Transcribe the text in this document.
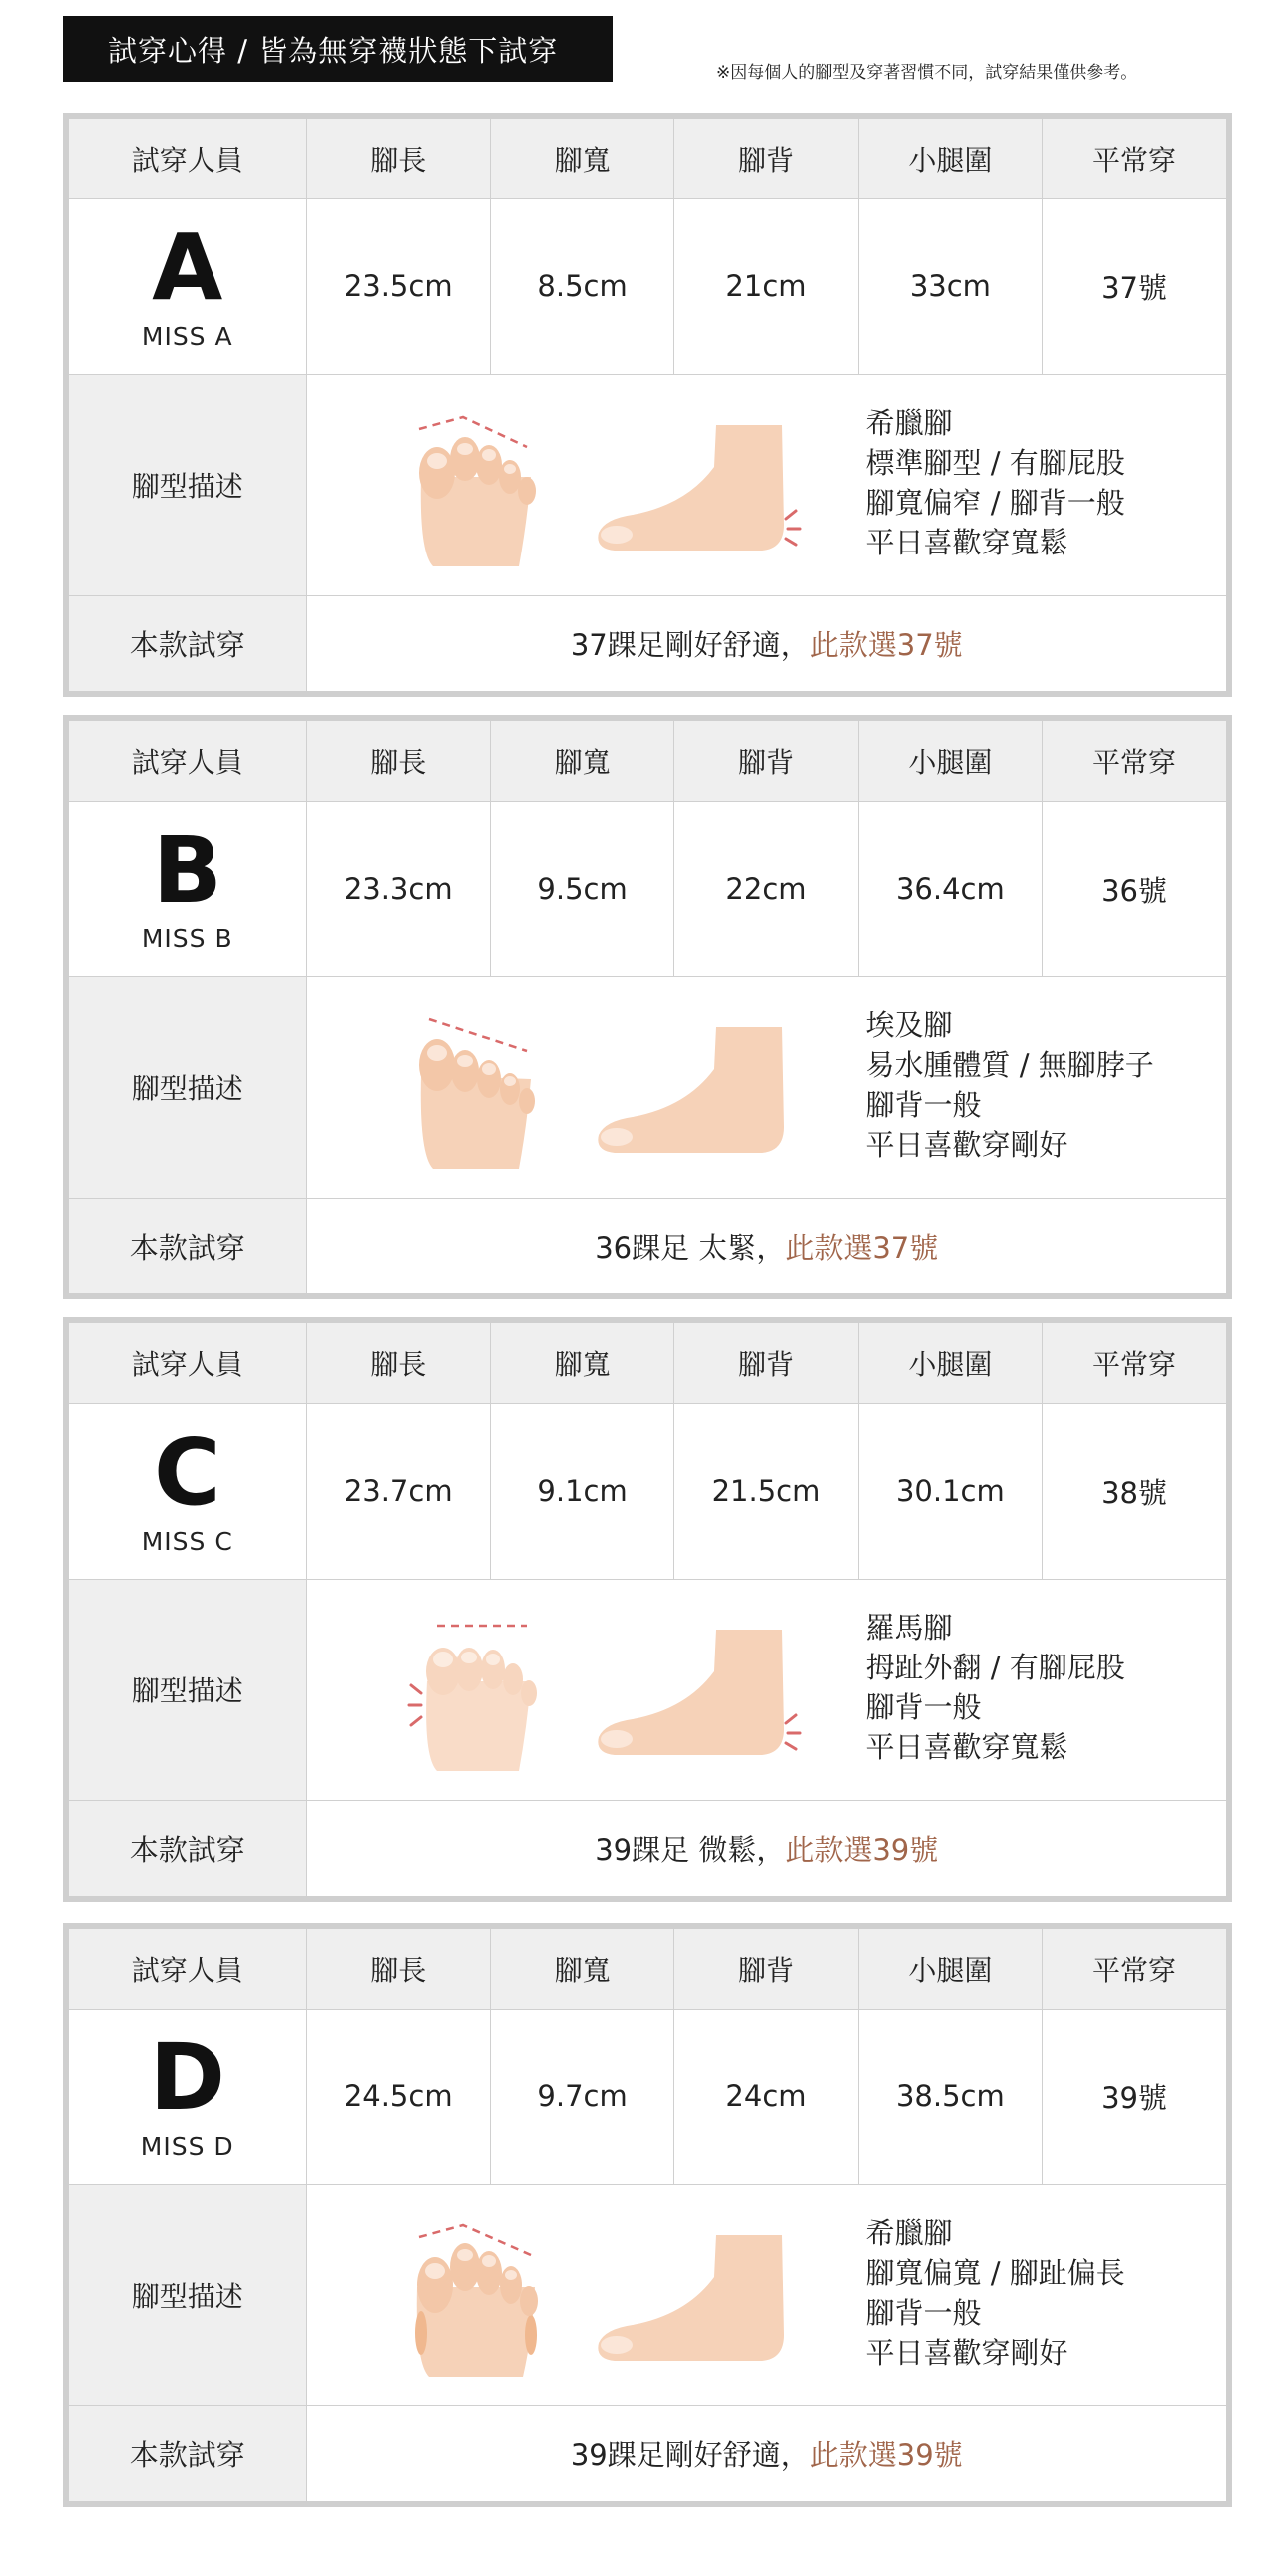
試穿心得 / 皆為無穿襪狀態下試穿
※因每個人的腳型及穿著習慣不同，試穿結果僅供參考。
試穿人員	腳長	腳寬	腳背	小腿圍	平常穿

A
MISS A	23.5cm	8.5cm	21cm	33cm	37號
腳型描述	希臘腳
標準腳型 / 有腳屁股
腳寬偏窄 / 腳背一般
平日喜歡穿寬鬆				

本款試穿	37踝足剛好舒適，此款選37號				
試穿人員	腳長	腳寬	腳背	小腿圍	平常穿

B
MISS B	23.3cm	9.5cm	22cm	36.4cm	36號
腳型描述	埃及腳
易水腫體質 / 無腳脖子
腳背一般
平日喜歡穿剛好				

本款試穿	36踝足 太緊，此款選37號				
試穿人員	腳長	腳寬	腳背	小腿圍	平常穿

C
MISS C	23.7cm	9.1cm	21.5cm	30.1cm	38號
腳型描述	羅馬腳
拇趾外翻 / 有腳屁股
腳背一般
平日喜歡穿寬鬆				

本款試穿	39踝足 微鬆，此款選39號				
試穿人員	腳長	腳寬	腳背	小腿圍	平常穿

D
MISS D	24.5cm	9.7cm	24cm	38.5cm	39號
腳型描述	希臘腳
腳寬偏寬 / 腳趾偏長
腳背一般
平日喜歡穿剛好				

本款試穿	39踝足剛好舒適，此款選39號				
